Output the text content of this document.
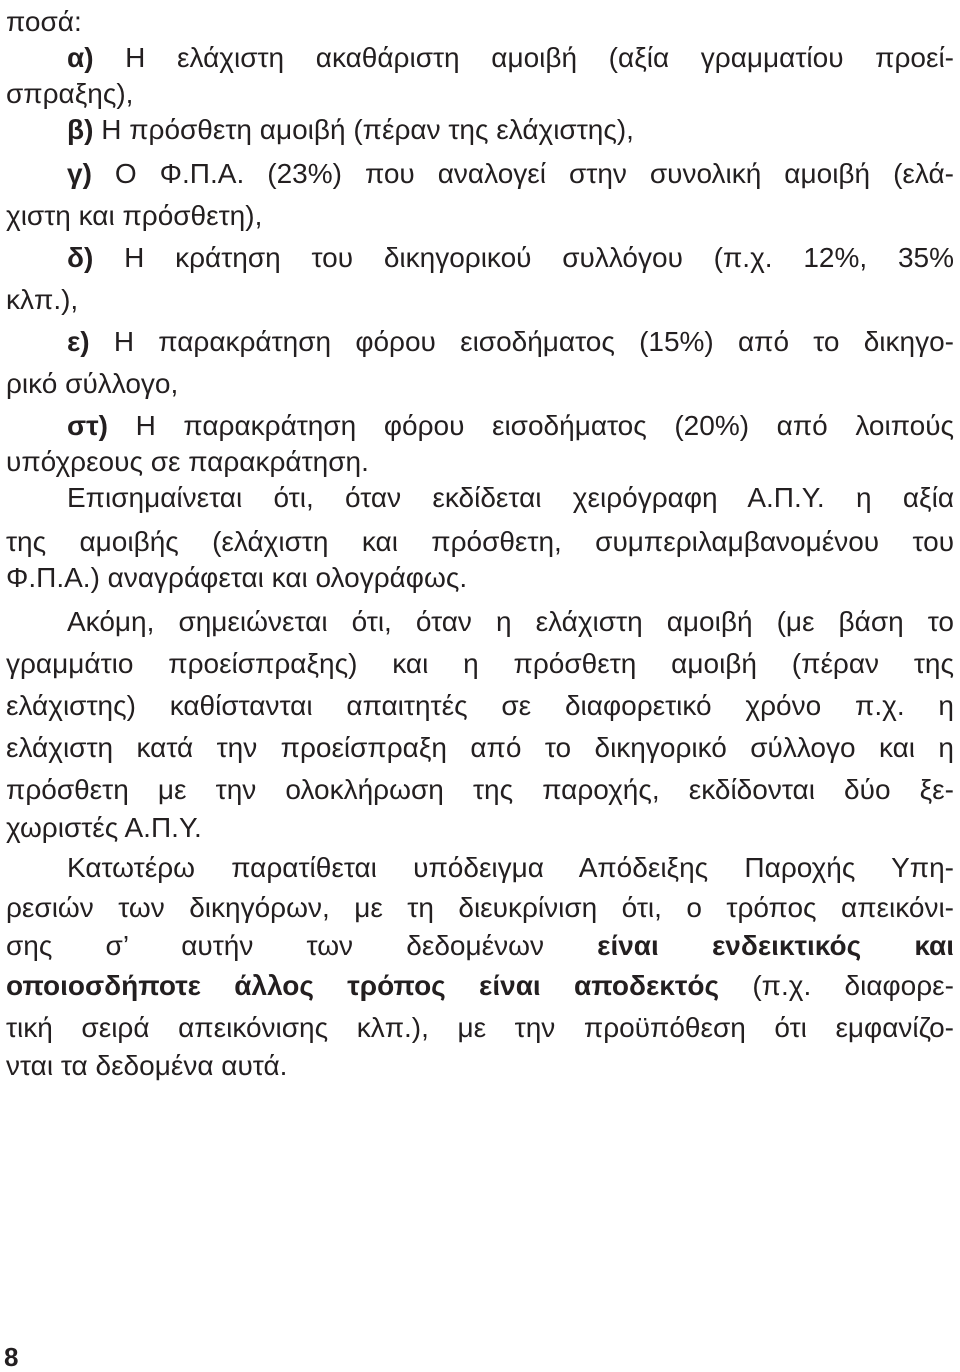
ποσά:
α) Η ελάχιστη ακαθάριστη αμοιβή (αξία γραμματίου προεί-
σπραξης),
β) Η πρόσθετη αμοιβή (πέραν της ελάχιστης),
γ) Ο Φ.Π.Α. (23%) που αναλογεί στην συνολική αμοιβή (ελά-
χιστη και πρόσθετη),
δ) Η κράτηση του δικηγορικού συλλόγου (π.χ. 12%, 35%
κλπ.),
ε) Η παρακράτηση φόρου εισοδήματος (15%) από το δικηγο-
ρικό σύλλογο,
στ) Η παρακράτηση φόρου εισοδήματος (20%) από λοιπούς
υπόχρεους σε παρακράτηση.
Επισημαίνεται ότι, όταν εκδίδεται χειρόγραφη Α.Π.Υ. η αξία
της αμοιβής (ελάχιστη και πρόσθετη, συμπεριλαμβανομένου του
Φ.Π.Α.) αναγράφεται και ολογράφως.
Ακόμη, σημειώνεται ότι, όταν η ελάχιστη αμοιβή (με βάση το
γραμμάτιο προείσπραξης) και η πρόσθετη αμοιβή (πέραν της
ελάχιστης) καθίστανται απαιτητές σε διαφορετικό χρόνο π.χ. η
ελάχιστη κατά την προείσπραξη από το δικηγορικό σύλλογο και η
πρόσθετη με την ολοκλήρωση της παροχής, εκδίδονται δύο ξε-
χωριστές Α.Π.Υ.
Κατωτέρω παρατίθεται υπόδειγμα Απόδειξης Παροχής Υπη-
ρεσιών των δικηγόρων, με τη διευκρίνιση ότι, ο τρόπος απεικόνι-
σης σ’ αυτήν των δεδομένων είναι ενδεικτικός και
οποιοσδήποτε άλλος τρόπος είναι αποδεκτός (π.χ. διαφορε-
τική σειρά απεικόνισης κλπ.), με την προϋπόθεση ότι εμφανίζο-
νται τα δεδομένα αυτά.
8
